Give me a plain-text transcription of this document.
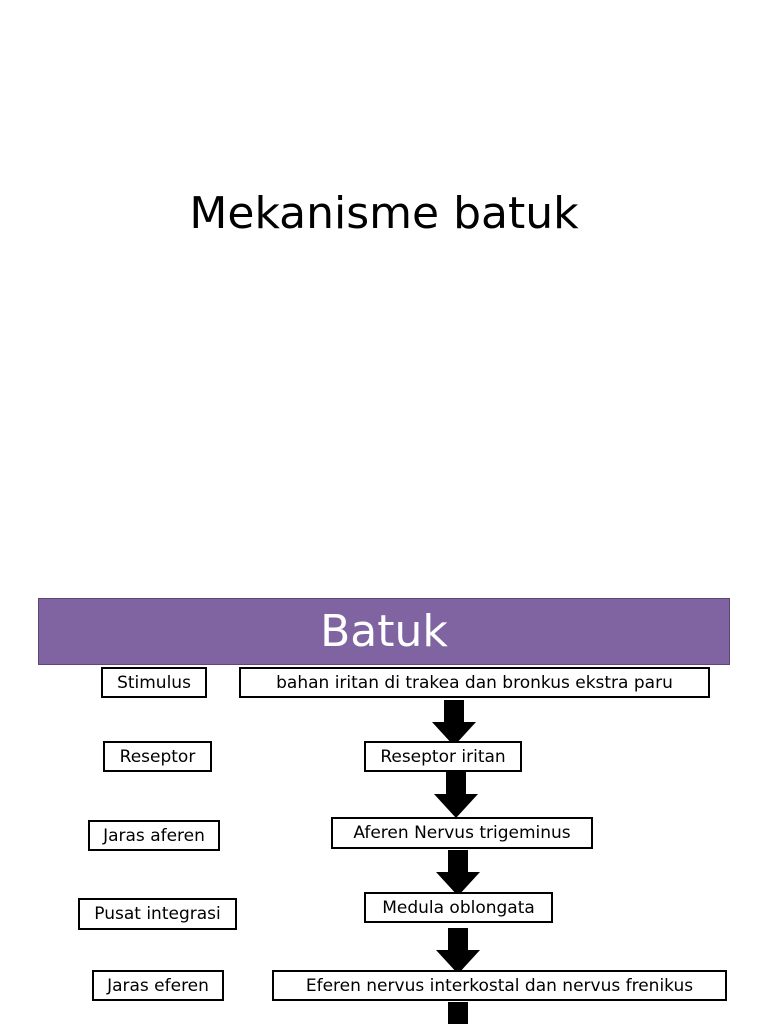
Mekanisme batuk
Batuk
Stimulus	bahan iritan di trakea dan bronkus ekstra paru
Reseptor	Reseptor iritan
Jaras aferen	Aferen Nervus trigeminus
Pusat integrasi	Medula oblongata
Jaras eferen	Eferen nervus interkostal dan nervus frenikus
